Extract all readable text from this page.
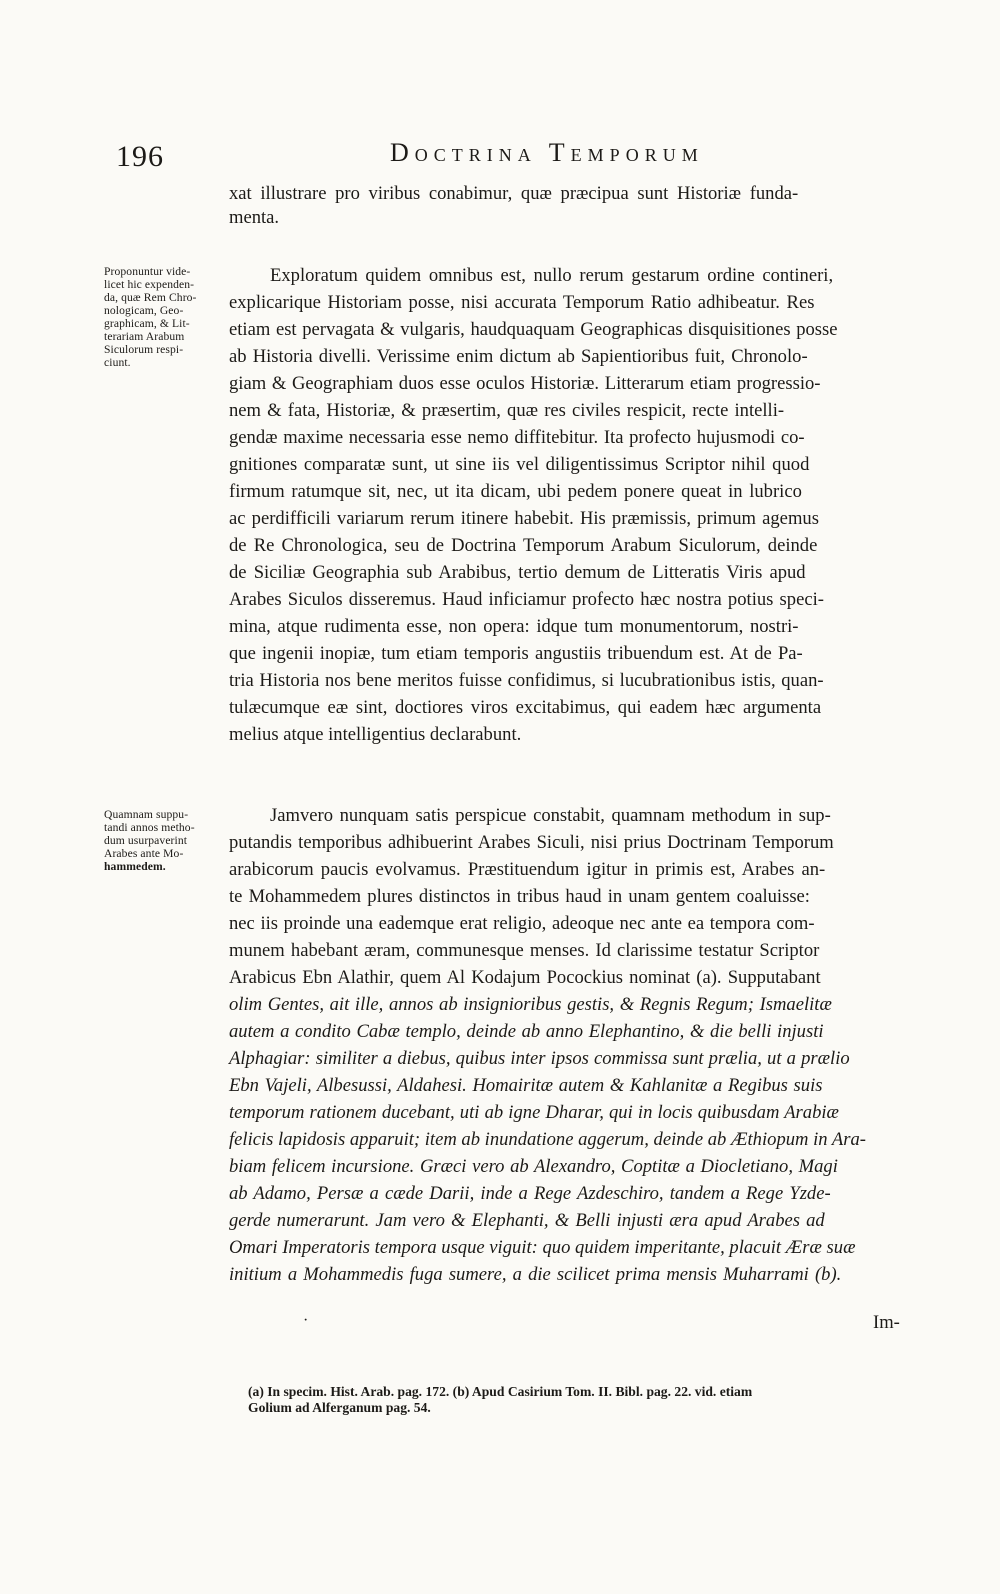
196	Doctrina Temporum
xat illustrare pro viribus conabimur, quæ præcipua sunt Historiæ funda-
menta.
Proponuntur vide-
licet hic expenden-
da, quæ Rem Chro-
nologicam, Geo-
graphicam, & Lit-
terariam Arabum
Siculorum respi-
ciunt.
Exploratum quidem omnibus est, nullo rerum gestarum ordine contineri,
explicarique Historiam posse, nisi accurata Temporum Ratio adhibeatur. Res
etiam est pervagata & vulgaris, haudquaquam Geographicas disquisitiones posse
ab Historia divelli. Verissime enim dictum ab Sapientioribus fuit, Chronolo-
giam & Geographiam duos esse oculos Historiæ. Litterarum etiam progressio-
nem & fata, Historiæ, & præsertim, quæ res civiles respicit, recte intelli-
gendæ maxime necessaria esse nemo diffitebitur. Ita profecto hujusmodi co-
gnitiones comparatæ sunt, ut sine iis vel diligentissimus Scriptor nihil quod
firmum ratumque sit, nec, ut ita dicam, ubi pedem ponere queat in lubrico
ac perdifficili variarum rerum itinere habebit. His præmissis, primum agemus
de Re Chronologica, seu de Doctrina Temporum Arabum Siculorum, deinde
de Siciliæ Geographia sub Arabibus, tertio demum de Litteratis Viris apud
Arabes Siculos disseremus. Haud inficiamur profecto hæc nostra potius speci-
mina, atque rudimenta esse, non opera: idque tum monumentorum, nostri-
que ingenii inopiæ, tum etiam temporis angustiis tribuendum est. At de Pa-
tria Historia nos bene meritos fuisse confidimus, si lucubrationibus istis, quan-
tulæcumque eæ sint, doctiores viros excitabimus, qui eadem hæc argumenta
melius atque intelligentius declarabunt.
Quamnam suppu-
tandi annos metho-
dum usurpaverint
Arabes ante Mo-
hammedem.
Jamvero nunquam satis perspicue constabit, quamnam methodum in sup-
putandis temporibus adhibuerint Arabes Siculi, nisi prius Doctrinam Temporum
arabicorum paucis evolvamus. Præstituendum igitur in primis est, Arabes an-
te Mohammedem plures distinctos in tribus haud in unam gentem coaluisse:
nec iis proinde una eademque erat religio, adeoque nec ante ea tempora com-
munem habebant æram, communesque menses. Id clarissime testatur Scriptor
Arabicus Ebn Alathir, quem Al Kodajum Pocockius nominat (a). Supputabant
olim Gentes, ait ille, annos ab insignioribus gestis, & Regnis Regum; Ismaelitæ
autem a condito Cabæ templo, deinde ab anno Elephantino, & die belli injusti
Alphagiar: similiter a diebus, quibus inter ipsos commissa sunt prælia, ut a prælio
Ebn Vajeli, Albesussi, Aldahesi. Homairitæ autem & Kahlanitæ a Regibus suis
temporum rationem ducebant, uti ab igne Dharar, qui in locis quibusdam Arabiæ
felicis lapidosis apparuit; item ab inundatione aggerum, deinde ab Æthiopum in Ara-
biam felicem incursione. Græci vero ab Alexandro, Coptitæ a Diocletiano, Magi
ab Adamo, Persæ a cæde Darii, inde a Rege Azdeschiro, tandem a Rege Yzde-
gerde numerarunt. Jam vero & Elephanti, & Belli injusti æra apud Arabes ad
Omari Imperatoris tempora usque viguit: quo quidem imperitante, placuit Æræ suæ
initium a Mohammedis fuga sumere, a die scilicet prima mensis Muharrami (b).
·	Im-
(a) In specim. Hist. Arab. pag. 172. (b) Apud Casirium Tom. II. Bibl. pag. 22. vid. etiam
Golium ad Alferganum pag. 54.
